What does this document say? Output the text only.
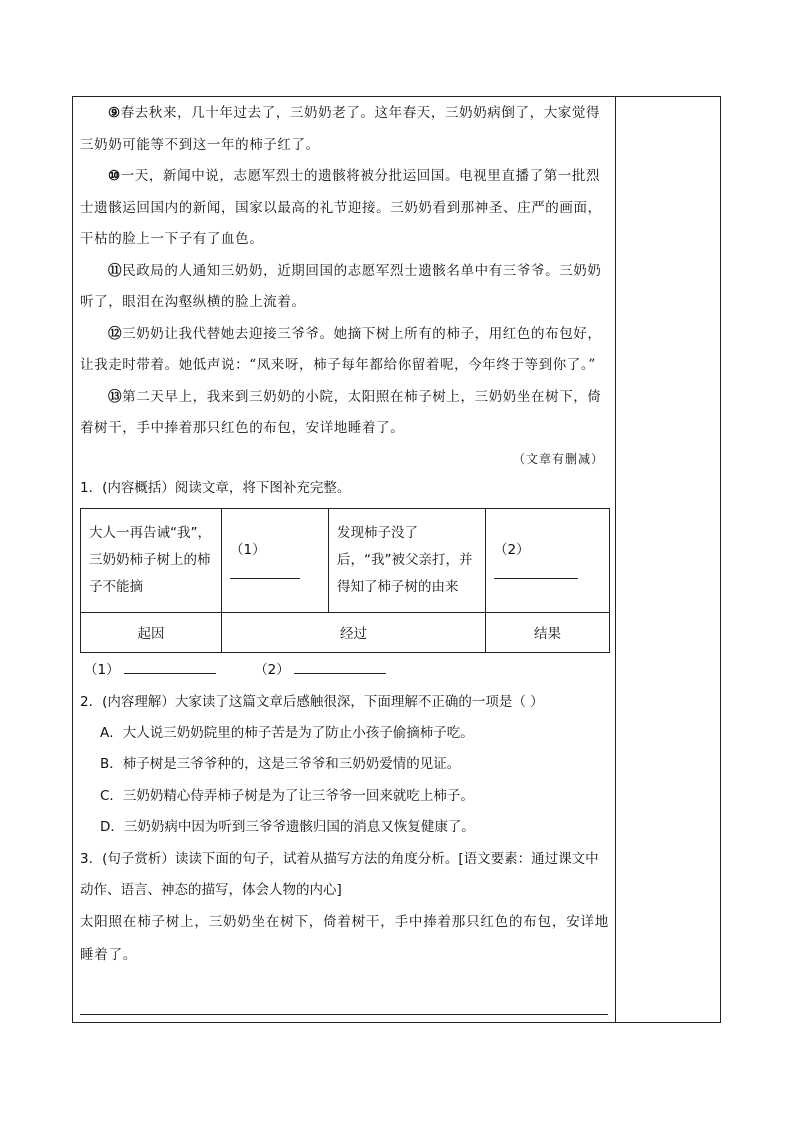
⑨春去秋来，几十年过去了，三奶奶老了。这年春天，三奶奶病倒了，大家觉得三奶奶可能等不到这一年的柿子红了。

⑩一天，新闻中说，志愿军烈士的遗骸将被分批运回国。电视里直播了第一批烈士遗骸运回国内的新闻，国家以最高的礼节迎接。三奶奶看到那神圣、庄严的画面，干枯的脸上一下子有了血色。

⑪民政局的人通知三奶奶，近期回国的志愿军烈士遗骸名单中有三爷爷。三奶奶听了，眼泪在沟壑纵横的脸上流着。

⑫三奶奶让我代替她去迎接三爷爷。她摘下树上所有的柿子，用红色的布包好，让我走时带着。她低声说：“凤来呀，柿子每年都给你留着呢，今年终于等到你了。”

⑬第二天早上，我来到三奶奶的小院，太阳照在柿子树上，三奶奶坐在树下，倚着树干，手中捧着那只红色的布包，安详地睡着了。

（文章有删减）

1．(内容概括）阅读文章，将下图补充完整。

大人一再告诫“我”，三奶奶柿子树上的柿子不能摘	（1）	发现柿子没了后，“我”被父亲打，并得知了柿子树的由来	（2）

起因	经过		结果

（1）	（2）

2．(内容理解）大家读了这篇文章后感触很深，下面理解不正确的一项是（ ）

A．大人说三奶奶院里的柿子苦是为了防止小孩子偷摘柿子吃。

B．柿子树是三爷爷种的，这是三爷爷和三奶奶爱情的见证。

C．三奶奶精心侍弄柿子树是为了让三爷爷一回来就吃上柿子。

D．三奶奶病中因为听到三爷爷遗骸归国的消息又恢复健康了。

3．(句子赏析）读读下面的句子，试着从描写方法的角度分析。[语文要素：通过课文中动作、语言、神态的描写，体会人物的内心]

太阳照在柿子树上，三奶奶坐在树下，倚着树干，手中捧着那只红色的布包，安详地睡着了。
